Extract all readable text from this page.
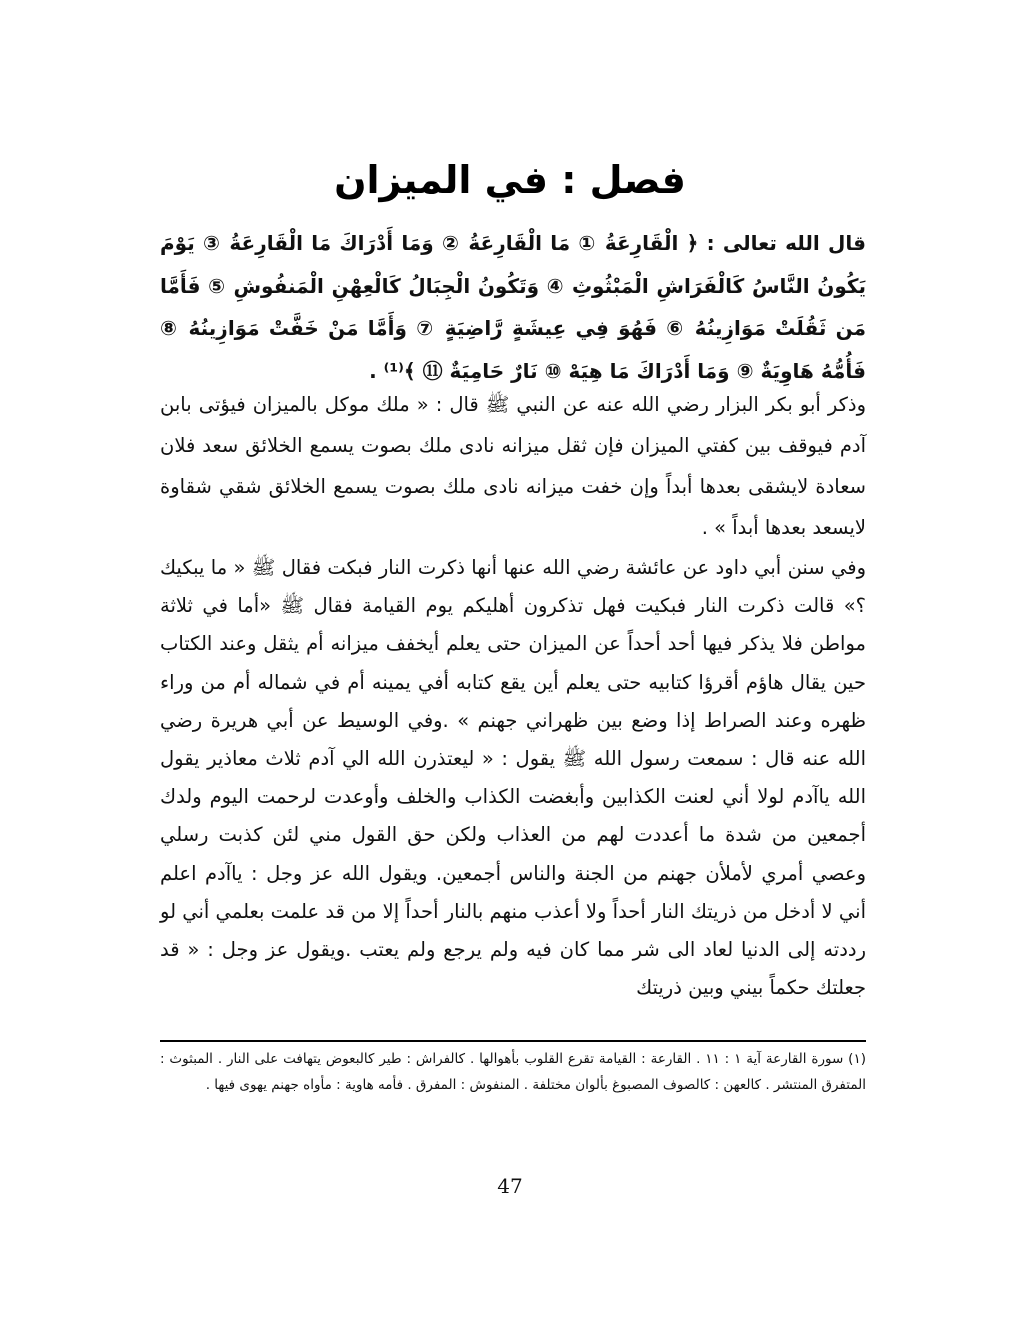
فصل : في الميزان

قال الله تعالى : ﴿ الْقَارِعَةُ ① مَا الْقَارِعَةُ ② وَمَا أَدْرَاكَ مَا الْقَارِعَةُ ③ يَوْمَ يَكُونُ النَّاسُ كَالْفَرَاشِ الْمَبْثُوثِ ④ وَتَكُونُ الْجِبَالُ كَالْعِهْنِ الْمَنفُوشِ ⑤ فَأَمَّا مَن ثَقُلَتْ مَوَازِينُهُ ⑥ فَهُوَ فِي عِيشَةٍ رَّاضِيَةٍ ⑦ وَأَمَّا مَنْ خَفَّتْ مَوَازِينُهُ ⑧ فَأُمُّهُ هَاوِيَةٌ ⑨ وَمَا أَدْرَاكَ مَا هِيَهْ ⑩ نَارٌ حَامِيَةٌ ⑪ ﴾⁽¹⁾ .

وذكر أبو بكر البزار رضي الله عنه عن النبي ﷺ قال : « ملك موكل بالميزان فيؤتى بابن آدم فيوقف بين كفتي الميزان فإن ثقل ميزانه نادى ملك بصوت يسمع الخلائق سعد فلان سعادة لايشقى بعدها أبداً وإن خفت ميزانه نادى ملك بصوت يسمع الخلائق شقي شقاوة لايسعد بعدها أبداً » .

وفي سنن أبي داود عن عائشة رضي الله عنها أنها ذكرت النار فبكت فقال ﷺ « ما يبكيك ؟» قالت ذكرت النار فبكيت فهل تذكرون أهليكم يوم القيامة فقال ﷺ «أما في ثلاثة مواطن فلا يذكر فيها أحد أحداً عن الميزان حتى يعلم أيخفف ميزانه أم يثقل وعند الكتاب حين يقال هاؤم أقرؤا كتابيه حتى يعلم أين يقع كتابه أفي يمينه أم في شماله أم من وراء ظهره وعند الصراط إذا وضع بين ظهراني جهنم » .وفي الوسيط عن أبي هريرة رضي الله عنه قال : سمعت رسول الله ﷺ يقول : « ليعتذرن الله الي آدم ثلاث معاذير يقول الله ياآدم لولا أني لعنت الكذابين وأبغضت الكذاب والخلف وأوعدت لرحمت اليوم ولدك أجمعين من شدة ما أعددت لهم من العذاب ولكن حق القول مني لئن كذبت رسلي وعصي أمري لأملأن جهنم من الجنة والناس أجمعين. ويقول الله عز وجل : ياآدم اعلم أني لا أدخل من ذريتك النار أحداً ولا أعذب منهم بالنار أحداً إلا من قد علمت بعلمي أني لو رددته إلى الدنيا لعاد الى شر مما كان فيه ولم يرجع ولم يعتب .ويقول عز وجل : « قد جعلتك حكماً بيني وبين ذريتك

(١) سورة القارعة آية ١ : ١١ . القارعة : القيامة تقرع القلوب بأهوالها . كالفراش : طير كالبعوض يتهافت على النار . المبثوث : المتفرق المنتشر . كالعهن : كالصوف المصبوغ بألوان مختلفة . المنفوش : المفرق . فأمه هاوية : مأواه جهنم يهوى فيها .

47
